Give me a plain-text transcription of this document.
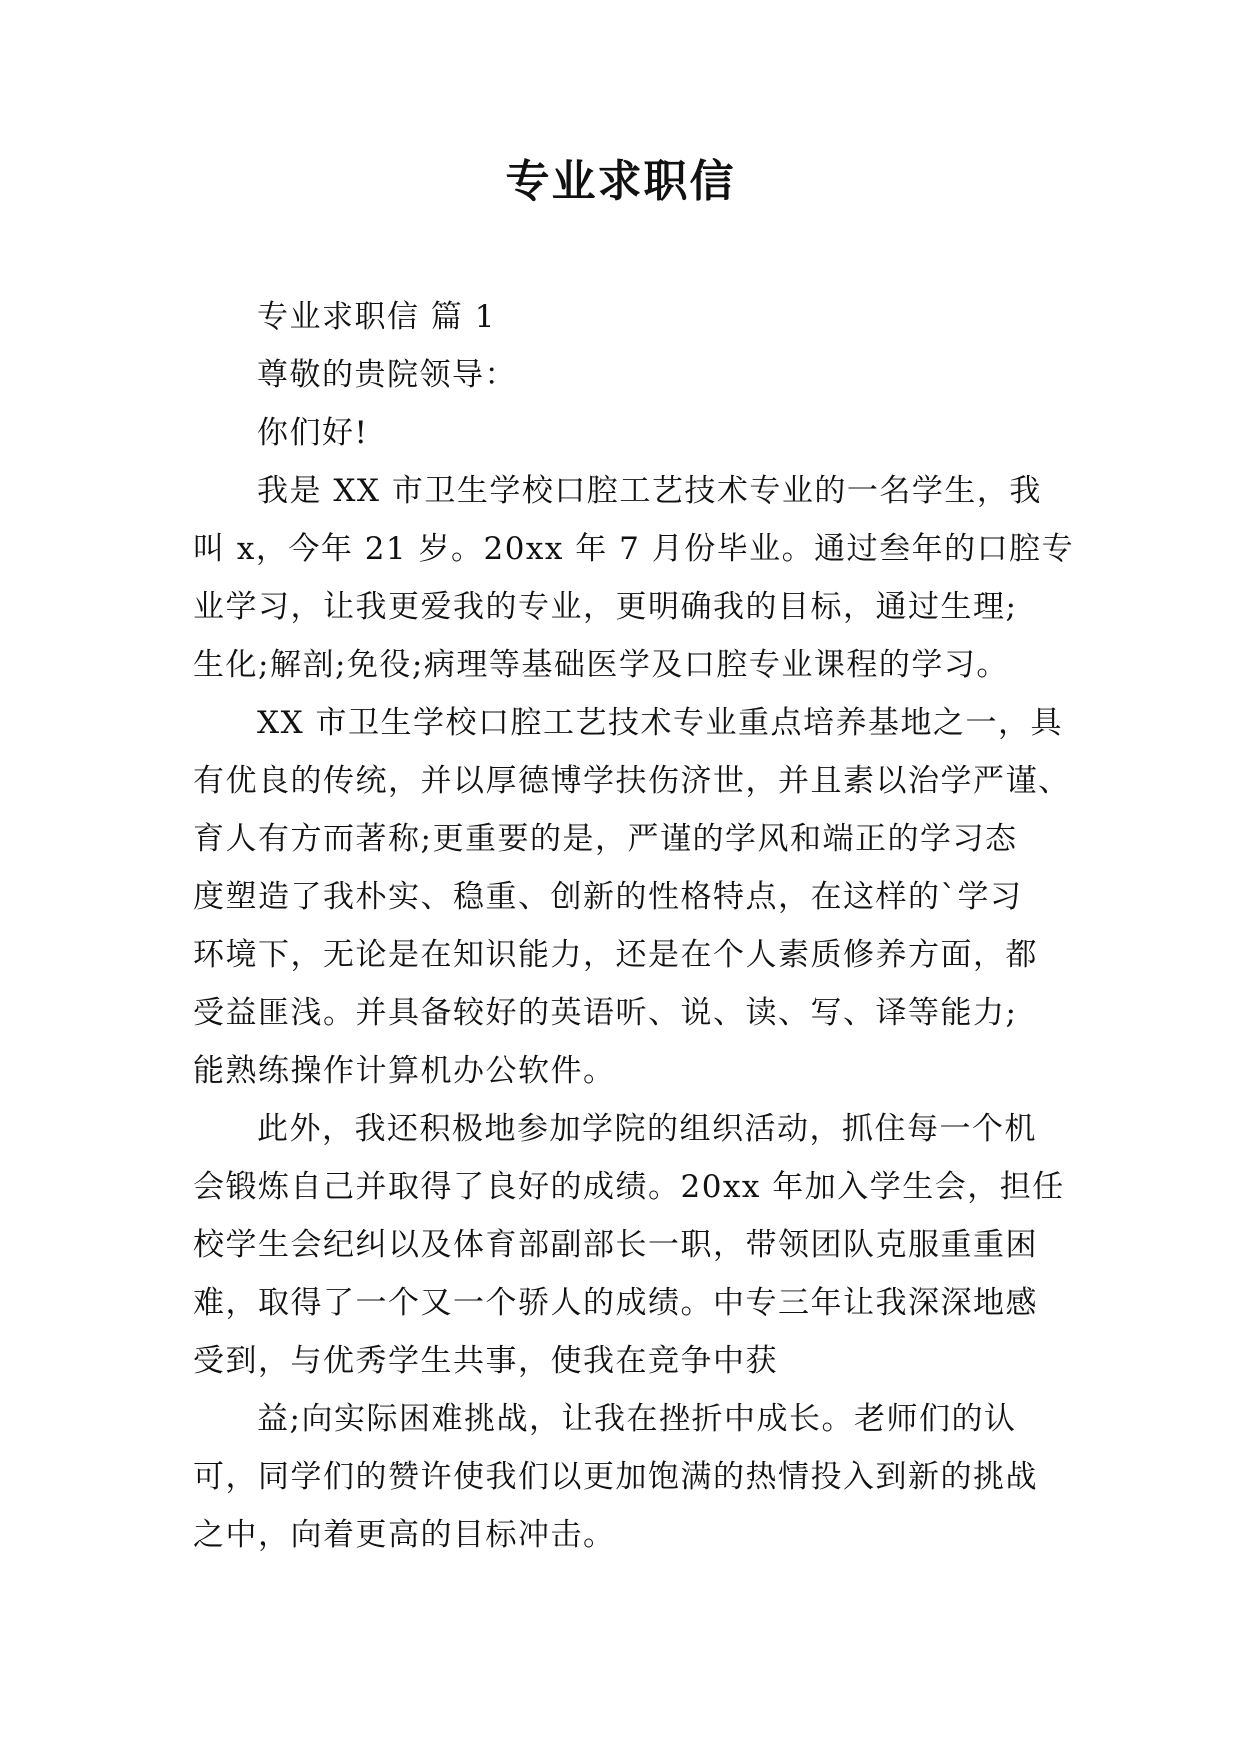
专业求职信
专业求职信 篇 1
尊敬的贵院领导：
你们好!
我是 XX 市卫生学校口腔工艺技术专业的一名学生，我
叫 x，今年 21 岁。20xx 年 7 月份毕业。通过叁年的口腔专
业学习，让我更爱我的专业，更明确我的目标，通过生理;
生化;解剖;免役;病理等基础医学及口腔专业课程的学习。
XX 市卫生学校口腔工艺技术专业重点培养基地之一，具
有优良的传统，并以厚德博学扶伤济世，并且素以治学严谨、
育人有方而著称;更重要的是，严谨的学风和端正的学习态
度塑造了我朴实、稳重、创新的性格特点，在这样的`学习
环境下，无论是在知识能力，还是在个人素质修养方面，都
受益匪浅。并具备较好的英语听、说、读、写、译等能力;
能熟练操作计算机办公软件。
此外，我还积极地参加学院的组织活动，抓住每一个机
会锻炼自己并取得了良好的成绩。20xx 年加入学生会，担任
校学生会纪纠以及体育部副部长一职，带领团队克服重重困
难，取得了一个又一个骄人的成绩。中专三年让我深深地感
受到，与优秀学生共事，使我在竞争中获
益;向实际困难挑战，让我在挫折中成长。老师们的认
可，同学们的赞许使我们以更加饱满的热情投入到新的挑战
之中，向着更高的目标冲击。
